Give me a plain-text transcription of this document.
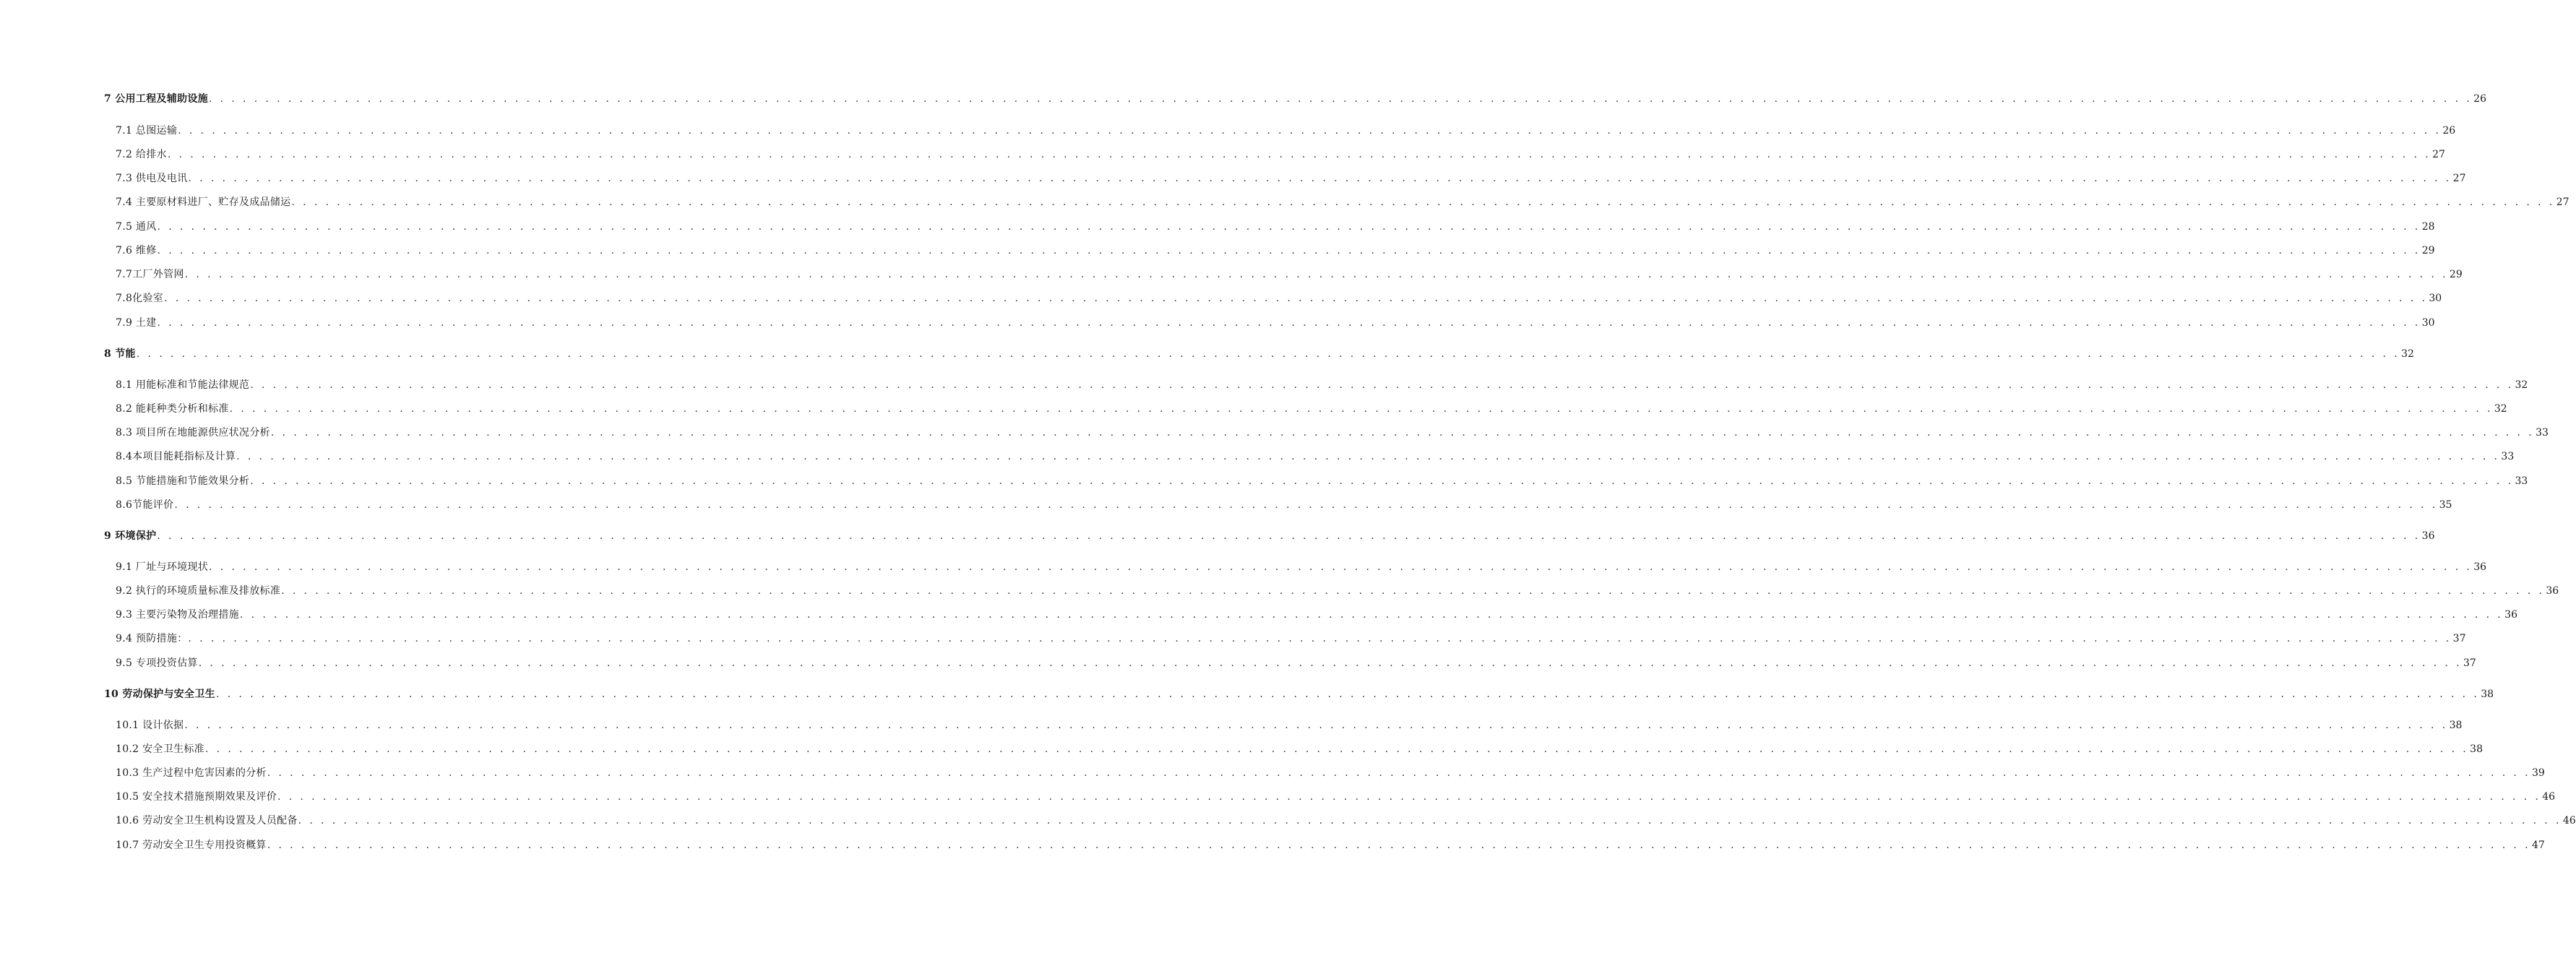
7 公用工程及辅助设施 . . . . . . . . . . . . . . . . . . . . . . . . . . . . . . . . . . . . . . . . . . . . . . . . . . . . . . . . . . . . . . . . . . . . . . . . . . . . . . . . . . . . . . . . . . . . . . . . . . . . . . . . . . . . . . . . . . . . . . . . . . . . . . . . . . . . . . . . . . . . . . . . . . . . . . . . . . . . . . . . . . . . . . . . . . . . . . . . . . . . . . . . . . . . . . . . . . . . . . . . 26
7.1 总图运输 . . . . . . . . . . . . . . . . . . . . . . . . . . . . . . . . . . . . . . . . . . . . . . . . . . . . . . . . . . . . . . . . . . . . . . . . . . . . . . . . . . . . . . . . . . . . . . . . . . . . . . . . . . . . . . . . . . . . . . . . . . . . . . . . . . . . . . . . . . . . . . . . . . . . . . . . . . . . . . . . . . . . . . . . . . . . . . . . . . . . . . . . . . . . . . . . . . . . . . . . 26
7.2 给排水 . . . . . . . . . . . . . . . . . . . . . . . . . . . . . . . . . . . . . . . . . . . . . . . . . . . . . . . . . . . . . . . . . . . . . . . . . . . . . . . . . . . . . . . . . . . . . . . . . . . . . . . . . . . . . . . . . . . . . . . . . . . . . . . . . . . . . . . . . . . . . . . . . . . . . . . . . . . . . . . . . . . . . . . . . . . . . . . . . . . . . . . . . . . . . . . . . . . . . . . . 27
7.3 供电及电讯 . . . . . . . . . . . . . . . . . . . . . . . . . . . . . . . . . . . . . . . . . . . . . . . . . . . . . . . . . . . . . . . . . . . . . . . . . . . . . . . . . . . . . . . . . . . . . . . . . . . . . . . . . . . . . . . . . . . . . . . . . . . . . . . . . . . . . . . . . . . . . . . . . . . . . . . . . . . . . . . . . . . . . . . . . . . . . . . . . . . . . . . . . . . . . . . . . . . . . . . . 27
7.4 主要原材料进厂、贮存及成品储运 . . . . . . . . . . . . . . . . . . . . . . . . . . . . . . . . . . . . . . . . . . . . . . . . . . . . . . . . . . . . . . . . . . . . . . . . . . . . . . . . . . . . . . . . . . . . . . . . . . . . . . . . . . . . . . . . . . . . . . . . . . . . . . . . . . . . . . . . . . . . . . . . . . . . . . . . . . . . . . . . . . . . . . . . . . . . . . . . . . . . . . . . . . . . . . . . . . . . . . . . 27
7.5 通风 . . . . . . . . . . . . . . . . . . . . . . . . . . . . . . . . . . . . . . . . . . . . . . . . . . . . . . . . . . . . . . . . . . . . . . . . . . . . . . . . . . . . . . . . . . . . . . . . . . . . . . . . . . . . . . . . . . . . . . . . . . . . . . . . . . . . . . . . . . . . . . . . . . . . . . . . . . . . . . . . . . . . . . . . . . . . . . . . . . . . . . . . . . . . . . . . . . . . . . . . 28
7.6 维修 . . . . . . . . . . . . . . . . . . . . . . . . . . . . . . . . . . . . . . . . . . . . . . . . . . . . . . . . . . . . . . . . . . . . . . . . . . . . . . . . . . . . . . . . . . . . . . . . . . . . . . . . . . . . . . . . . . . . . . . . . . . . . . . . . . . . . . . . . . . . . . . . . . . . . . . . . . . . . . . . . . . . . . . . . . . . . . . . . . . . . . . . . . . . . . . . . . . . . . . . 29
7.7工厂外管网 . . . . . . . . . . . . . . . . . . . . . . . . . . . . . . . . . . . . . . . . . . . . . . . . . . . . . . . . . . . . . . . . . . . . . . . . . . . . . . . . . . . . . . . . . . . . . . . . . . . . . . . . . . . . . . . . . . . . . . . . . . . . . . . . . . . . . . . . . . . . . . . . . . . . . . . . . . . . . . . . . . . . . . . . . . . . . . . . . . . . . . . . . . . . . . . . . . . . . . . . 29
7.8化验室 . . . . . . . . . . . . . . . . . . . . . . . . . . . . . . . . . . . . . . . . . . . . . . . . . . . . . . . . . . . . . . . . . . . . . . . . . . . . . . . . . . . . . . . . . . . . . . . . . . . . . . . . . . . . . . . . . . . . . . . . . . . . . . . . . . . . . . . . . . . . . . . . . . . . . . . . . . . . . . . . . . . . . . . . . . . . . . . . . . . . . . . . . . . . . . . . . . . . . . . . 30
7.9 土建 . . . . . . . . . . . . . . . . . . . . . . . . . . . . . . . . . . . . . . . . . . . . . . . . . . . . . . . . . . . . . . . . . . . . . . . . . . . . . . . . . . . . . . . . . . . . . . . . . . . . . . . . . . . . . . . . . . . . . . . . . . . . . . . . . . . . . . . . . . . . . . . . . . . . . . . . . . . . . . . . . . . . . . . . . . . . . . . . . . . . . . . . . . . . . . . . . . . . . . . . 30
8 节能 . . . . . . . . . . . . . . . . . . . . . . . . . . . . . . . . . . . . . . . . . . . . . . . . . . . . . . . . . . . . . . . . . . . . . . . . . . . . . . . . . . . . . . . . . . . . . . . . . . . . . . . . . . . . . . . . . . . . . . . . . . . . . . . . . . . . . . . . . . . . . . . . . . . . . . . . . . . . . . . . . . . . . . . . . . . . . . . . . . . . . . . . . . . . . . . . . . . . . . . . 32
8.1 用能标准和节能法律规范 . . . . . . . . . . . . . . . . . . . . . . . . . . . . . . . . . . . . . . . . . . . . . . . . . . . . . . . . . . . . . . . . . . . . . . . . . . . . . . . . . . . . . . . . . . . . . . . . . . . . . . . . . . . . . . . . . . . . . . . . . . . . . . . . . . . . . . . . . . . . . . . . . . . . . . . . . . . . . . . . . . . . . . . . . . . . . . . . . . . . . . . . . . . . . . . . . . . . . . . . 32
8.2 能耗种类分析和标准 . . . . . . . . . . . . . . . . . . . . . . . . . . . . . . . . . . . . . . . . . . . . . . . . . . . . . . . . . . . . . . . . . . . . . . . . . . . . . . . . . . . . . . . . . . . . . . . . . . . . . . . . . . . . . . . . . . . . . . . . . . . . . . . . . . . . . . . . . . . . . . . . . . . . . . . . . . . . . . . . . . . . . . . . . . . . . . . . . . . . . . . . . . . . . . . . . . . . . . . . 32
8.3 项目所在地能源供应状况分析 . . . . . . . . . . . . . . . . . . . . . . . . . . . . . . . . . . . . . . . . . . . . . . . . . . . . . . . . . . . . . . . . . . . . . . . . . . . . . . . . . . . . . . . . . . . . . . . . . . . . . . . . . . . . . . . . . . . . . . . . . . . . . . . . . . . . . . . . . . . . . . . . . . . . . . . . . . . . . . . . . . . . . . . . . . . . . . . . . . . . . . . . . . . . . . . . . . . . . . . . 33
8.4本项目能耗指标及计算 . . . . . . . . . . . . . . . . . . . . . . . . . . . . . . . . . . . . . . . . . . . . . . . . . . . . . . . . . . . . . . . . . . . . . . . . . . . . . . . . . . . . . . . . . . . . . . . . . . . . . . . . . . . . . . . . . . . . . . . . . . . . . . . . . . . . . . . . . . . . . . . . . . . . . . . . . . . . . . . . . . . . . . . . . . . . . . . . . . . . . . . . . . . . . . . . . . . . . . . . 33
8.5 节能措施和节能效果分析 . . . . . . . . . . . . . . . . . . . . . . . . . . . . . . . . . . . . . . . . . . . . . . . . . . . . . . . . . . . . . . . . . . . . . . . . . . . . . . . . . . . . . . . . . . . . . . . . . . . . . . . . . . . . . . . . . . . . . . . . . . . . . . . . . . . . . . . . . . . . . . . . . . . . . . . . . . . . . . . . . . . . . . . . . . . . . . . . . . . . . . . . . . . . . . . . . . . . . . . . 33
8.6节能评价 . . . . . . . . . . . . . . . . . . . . . . . . . . . . . . . . . . . . . . . . . . . . . . . . . . . . . . . . . . . . . . . . . . . . . . . . . . . . . . . . . . . . . . . . . . . . . . . . . . . . . . . . . . . . . . . . . . . . . . . . . . . . . . . . . . . . . . . . . . . . . . . . . . . . . . . . . . . . . . . . . . . . . . . . . . . . . . . . . . . . . . . . . . . . . . . . . . . . . . . . 35
9 环境保护 . . . . . . . . . . . . . . . . . . . . . . . . . . . . . . . . . . . . . . . . . . . . . . . . . . . . . . . . . . . . . . . . . . . . . . . . . . . . . . . . . . . . . . . . . . . . . . . . . . . . . . . . . . . . . . . . . . . . . . . . . . . . . . . . . . . . . . . . . . . . . . . . . . . . . . . . . . . . . . . . . . . . . . . . . . . . . . . . . . . . . . . . . . . . . . . . . . . . . . . . 36
9.1 厂址与环境现状 . . . . . . . . . . . . . . . . . . . . . . . . . . . . . . . . . . . . . . . . . . . . . . . . . . . . . . . . . . . . . . . . . . . . . . . . . . . . . . . . . . . . . . . . . . . . . . . . . . . . . . . . . . . . . . . . . . . . . . . . . . . . . . . . . . . . . . . . . . . . . . . . . . . . . . . . . . . . . . . . . . . . . . . . . . . . . . . . . . . . . . . . . . . . . . . . . . . . . . . . 36
9.2 执行的环境质量标准及排放标准 . . . . . . . . . . . . . . . . . . . . . . . . . . . . . . . . . . . . . . . . . . . . . . . . . . . . . . . . . . . . . . . . . . . . . . . . . . . . . . . . . . . . . . . . . . . . . . . . . . . . . . . . . . . . . . . . . . . . . . . . . . . . . . . . . . . . . . . . . . . . . . . . . . . . . . . . . . . . . . . . . . . . . . . . . . . . . . . . . . . . . . . . . . . . . . . . . . . . . . . . 36
9.3 主要污染物及治理措施 . . . . . . . . . . . . . . . . . . . . . . . . . . . . . . . . . . . . . . . . . . . . . . . . . . . . . . . . . . . . . . . . . . . . . . . . . . . . . . . . . . . . . . . . . . . . . . . . . . . . . . . . . . . . . . . . . . . . . . . . . . . . . . . . . . . . . . . . . . . . . . . . . . . . . . . . . . . . . . . . . . . . . . . . . . . . . . . . . . . . . . . . . . . . . . . . . . . . . . . . 36
9.4 预防措施： . . . . . . . . . . . . . . . . . . . . . . . . . . . . . . . . . . . . . . . . . . . . . . . . . . . . . . . . . . . . . . . . . . . . . . . . . . . . . . . . . . . . . . . . . . . . . . . . . . . . . . . . . . . . . . . . . . . . . . . . . . . . . . . . . . . . . . . . . . . . . . . . . . . . . . . . . . . . . . . . . . . . . . . . . . . . . . . . . . . . . . . . . . . . . . . . . . . . . . . . 37
9.5 专项投资估算 . . . . . . . . . . . . . . . . . . . . . . . . . . . . . . . . . . . . . . . . . . . . . . . . . . . . . . . . . . . . . . . . . . . . . . . . . . . . . . . . . . . . . . . . . . . . . . . . . . . . . . . . . . . . . . . . . . . . . . . . . . . . . . . . . . . . . . . . . . . . . . . . . . . . . . . . . . . . . . . . . . . . . . . . . . . . . . . . . . . . . . . . . . . . . . . . . . . . . . . . 37
10 劳动保护与安全卫生 . . . . . . . . . . . . . . . . . . . . . . . . . . . . . . . . . . . . . . . . . . . . . . . . . . . . . . . . . . . . . . . . . . . . . . . . . . . . . . . . . . . . . . . . . . . . . . . . . . . . . . . . . . . . . . . . . . . . . . . . . . . . . . . . . . . . . . . . . . . . . . . . . . . . . . . . . . . . . . . . . . . . . . . . . . . . . . . . . . . . . . . . . . . . . . . . . . . . . . . . 38
10.1 设计依据 . . . . . . . . . . . . . . . . . . . . . . . . . . . . . . . . . . . . . . . . . . . . . . . . . . . . . . . . . . . . . . . . . . . . . . . . . . . . . . . . . . . . . . . . . . . . . . . . . . . . . . . . . . . . . . . . . . . . . . . . . . . . . . . . . . . . . . . . . . . . . . . . . . . . . . . . . . . . . . . . . . . . . . . . . . . . . . . . . . . . . . . . . . . . . . . . . . . . . . . . 38
10.2 安全卫生标准 . . . . . . . . . . . . . . . . . . . . . . . . . . . . . . . . . . . . . . . . . . . . . . . . . . . . . . . . . . . . . . . . . . . . . . . . . . . . . . . . . . . . . . . . . . . . . . . . . . . . . . . . . . . . . . . . . . . . . . . . . . . . . . . . . . . . . . . . . . . . . . . . . . . . . . . . . . . . . . . . . . . . . . . . . . . . . . . . . . . . . . . . . . . . . . . . . . . . . . . . 38
10.3 生产过程中危害因素的分析 . . . . . . . . . . . . . . . . . . . . . . . . . . . . . . . . . . . . . . . . . . . . . . . . . . . . . . . . . . . . . . . . . . . . . . . . . . . . . . . . . . . . . . . . . . . . . . . . . . . . . . . . . . . . . . . . . . . . . . . . . . . . . . . . . . . . . . . . . . . . . . . . . . . . . . . . . . . . . . . . . . . . . . . . . . . . . . . . . . . . . . . . . . . . . . . . . . . . . . . . 39
10.5 安全技术措施预期效果及评价 . . . . . . . . . . . . . . . . . . . . . . . . . . . . . . . . . . . . . . . . . . . . . . . . . . . . . . . . . . . . . . . . . . . . . . . . . . . . . . . . . . . . . . . . . . . . . . . . . . . . . . . . . . . . . . . . . . . . . . . . . . . . . . . . . . . . . . . . . . . . . . . . . . . . . . . . . . . . . . . . . . . . . . . . . . . . . . . . . . . . . . . . . . . . . . . . . . . . . . . . 46
10.6 劳动安全卫生机构设置及人员配备 . . . . . . . . . . . . . . . . . . . . . . . . . . . . . . . . . . . . . . . . . . . . . . . . . . . . . . . . . . . . . . . . . . . . . . . . . . . . . . . . . . . . . . . . . . . . . . . . . . . . . . . . . . . . . . . . . . . . . . . . . . . . . . . . . . . . . . . . . . . . . . . . . . . . . . . . . . . . . . . . . . . . . . . . . . . . . . . . . . . . . . . . . . . . . . . . . . . . . . . . 46
10.7 劳动安全卫生专用投资概算 . . . . . . . . . . . . . . . . . . . . . . . . . . . . . . . . . . . . . . . . . . . . . . . . . . . . . . . . . . . . . . . . . . . . . . . . . . . . . . . . . . . . . . . . . . . . . . . . . . . . . . . . . . . . . . . . . . . . . . . . . . . . . . . . . . . . . . . . . . . . . . . . . . . . . . . . . . . . . . . . . . . . . . . . . . . . . . . . . . . . . . . . . . . . . . . . . . . . . . . . 47
